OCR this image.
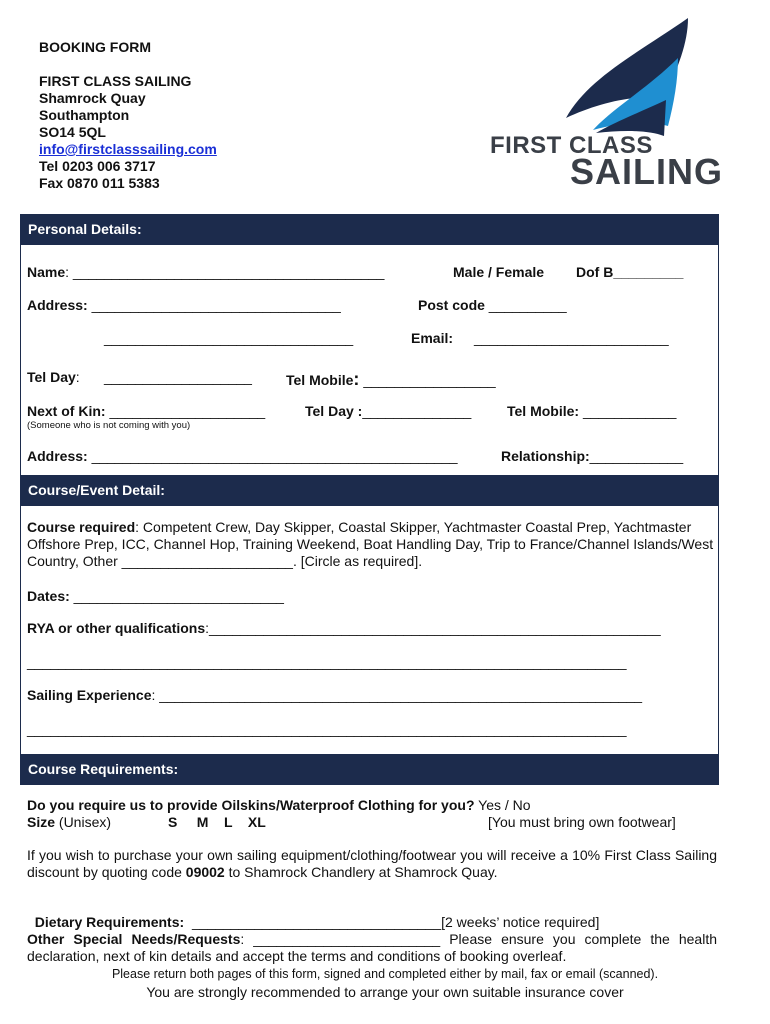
BOOKING FORM
FIRST CLASS SAILING
Shamrock Quay
Southampton
SO14 5QL
info@firstclasssailing.com
Tel 0203 006 3717
Fax 0870 011 5383
FIRST CLASS
SAILING
Personal Details:
Name: ________________________________________	Male / Female Dof B_________
Address: ________________________________	Post code __________
________________________________	Email: _________________________
Tel Day: ___________________ Tel Mobile: _________________
Next of Kin: ____________________	Tel Day :______________	Tel Mobile: ____________
(Someone who is not coming with you)
Address: _______________________________________________	Relationship:____________
Course/Event Detail:
Course required: Competent Crew, Day Skipper, Coastal Skipper, Yachtmaster Coastal Prep, Yachtmaster Offshore Prep, ICC, Channel Hop, Training Weekend, Boat Handling Day, Trip to France/Channel Islands/West Country, Other ______________________. [Circle as required].
Dates: ___________________________
RYA or other qualifications:__________________________________________________________
_____________________________________________________________________________
Sailing Experience: ______________________________________________________________
_____________________________________________________________________________
Course Requirements:
Do you require us to provide Oilskins/Waterproof Clothing for you? Yes / No
Size (Unisex)	S     M    L    XL	[You must bring own footwear]
If you wish to purchase your own sailing equipment/clothing/footwear you will receive a 10% First Class Sailing discount by quoting code 09002 to Shamrock Chandlery at Shamrock Quay.

Dietary Requirements:  ________________________________[2 weeks’ notice required]

Other Special Needs/Requests: ________________________ Please ensure you complete the health declaration, next of kin details and accept the terms and conditions of booking overleaf.
Please return both pages of this form, signed and completed either by mail, fax or email (scanned).
You are strongly recommended to arrange your own suitable insurance cover
